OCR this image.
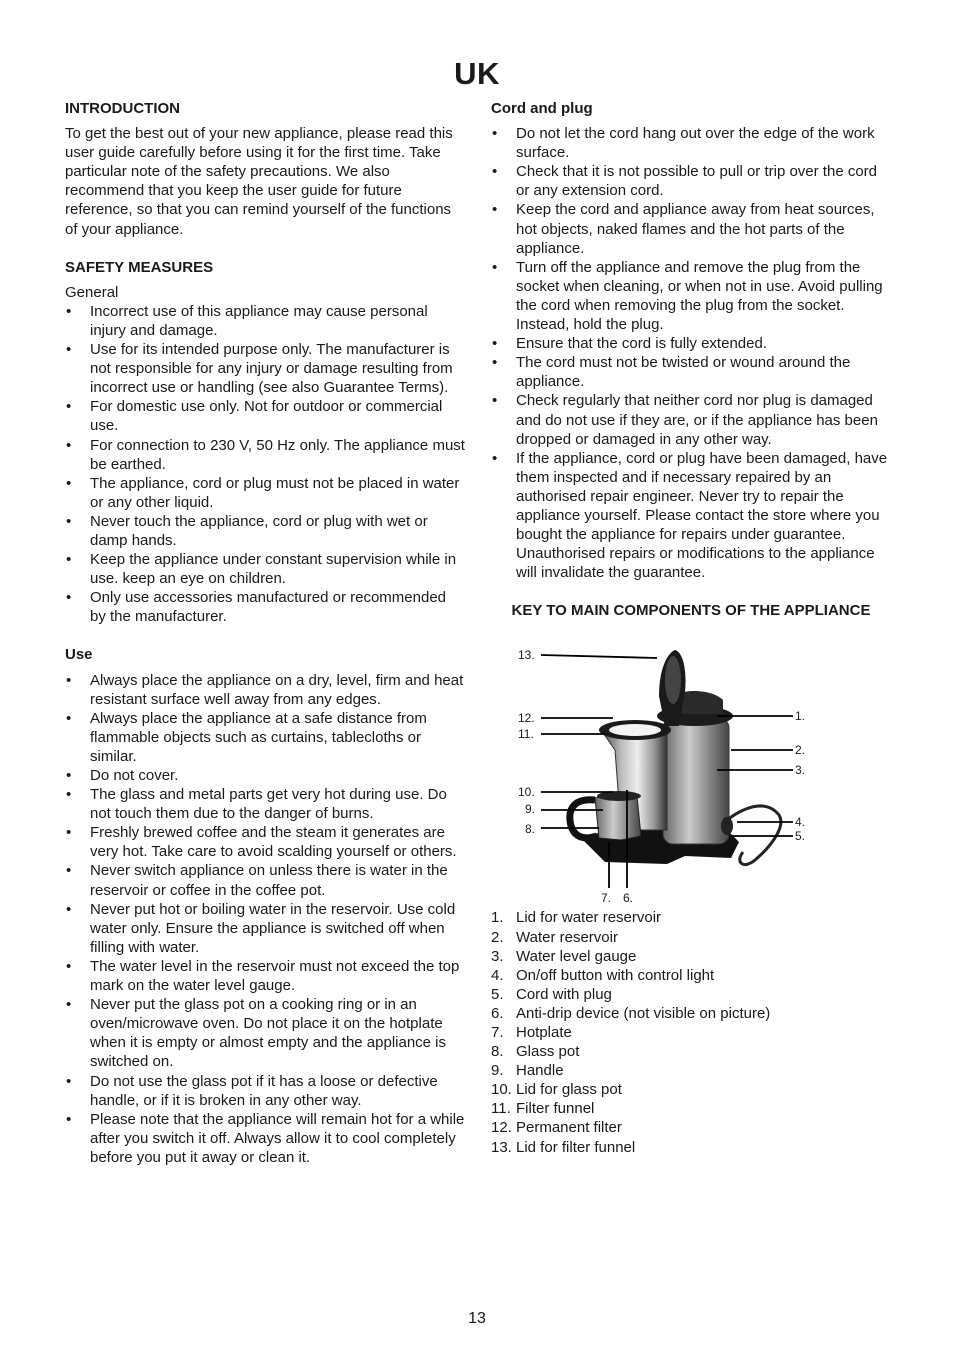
UK
INTRODUCTION

To get the best out of your new appliance, please read this user guide carefully before using it for the first time. Take particular note of the safety precautions. We also recommend that you keep the user guide for future reference, so that you can remind yourself of the functions of your appliance.

SAFETY MEASURES
General
• Incorrect use of this appliance may cause personal injury and damage.
• Use for its intended purpose only. The manufacturer is not responsible for any injury or damage resulting from incorrect use or handling (see also Guarantee Terms).
• For domestic use only. Not for outdoor or commercial use.
• For connection to 230 V, 50 Hz only. The appliance must be earthed.
• The appliance, cord or plug must not be placed in water or any other liquid.
• Never touch the appliance, cord or plug with wet or damp hands.
• Keep the appliance under constant supervision while in use. keep an eye on children.
• Only use accessories manufactured or recommended by the manufacturer.
Use
• Always place the appliance on a dry, level, firm and heat resistant surface well away from any edges.
• Always place the appliance at a safe distance from flammable objects such as curtains, tablecloths or similar.
• Do not cover.
• The glass and metal parts get very hot during use. Do not touch them due to the danger of burns.
• Freshly brewed coffee and the steam it generates are very hot. Take care to avoid scalding yourself or others.
• Never switch appliance on unless there is water in the reservoir or coffee in the coffee pot.
• Never put hot or boiling water in the reservoir. Use cold water only. Ensure the appliance is switched off when filling with water.
• The water level in the reservoir must not exceed the top mark on the water level gauge.
• Never put the glass pot on a cooking ring or in an oven/microwave oven. Do not place it on the hotplate when it is empty or almost empty and the appliance is switched on.
• Do not use the glass pot if it has a loose or defective handle, or if it is broken in any other way.
• Please note that the appliance will remain hot for a while after you switch it off. Always allow it to cool completely before you put it away or clean it.
Cord and plug
• Do not let the cord hang out over the edge of the work surface.
• Check that it is not possible to pull or trip over the cord or any extension cord.
• Keep the cord and appliance away from heat sources, hot objects, naked flames and the hot parts of the appliance.
• Turn off the appliance and remove the plug from the socket when cleaning, or when not in use. Avoid pulling the cord when removing the plug from the socket. Instead, hold the plug.
• Ensure that the cord is fully extended.
• The cord must not be twisted or wound around the appliance.
• Check regularly that neither cord nor plug is damaged and do not use if they are, or if the appliance has been dropped or damaged in any other way.
• If the appliance, cord or plug have been damaged, have them inspected and if necessary repaired by an authorised repair engineer. Never try to repair the appliance yourself. Please contact the store where you bought the appliance for repairs under guarantee. Unauthorised repairs or modifications to the appliance will invalidate the guarantee.
KEY TO MAIN COMPONENTS OF THE APPLIANCE
13.
12.
11.
1.
2.
3.
4.
5.
10.
9.
8.
7. 6.
1. Lid for water reservoir
2. Water reservoir
3. Water level gauge
4. On/off button with control light
5. Cord with plug
6. Anti-drip device (not visible on picture)
7. Hotplate
8. Glass pot
9. Handle
10. Lid for glass pot
11. Filter funnel
12. Permanent filter
13. Lid for filter funnel
13
